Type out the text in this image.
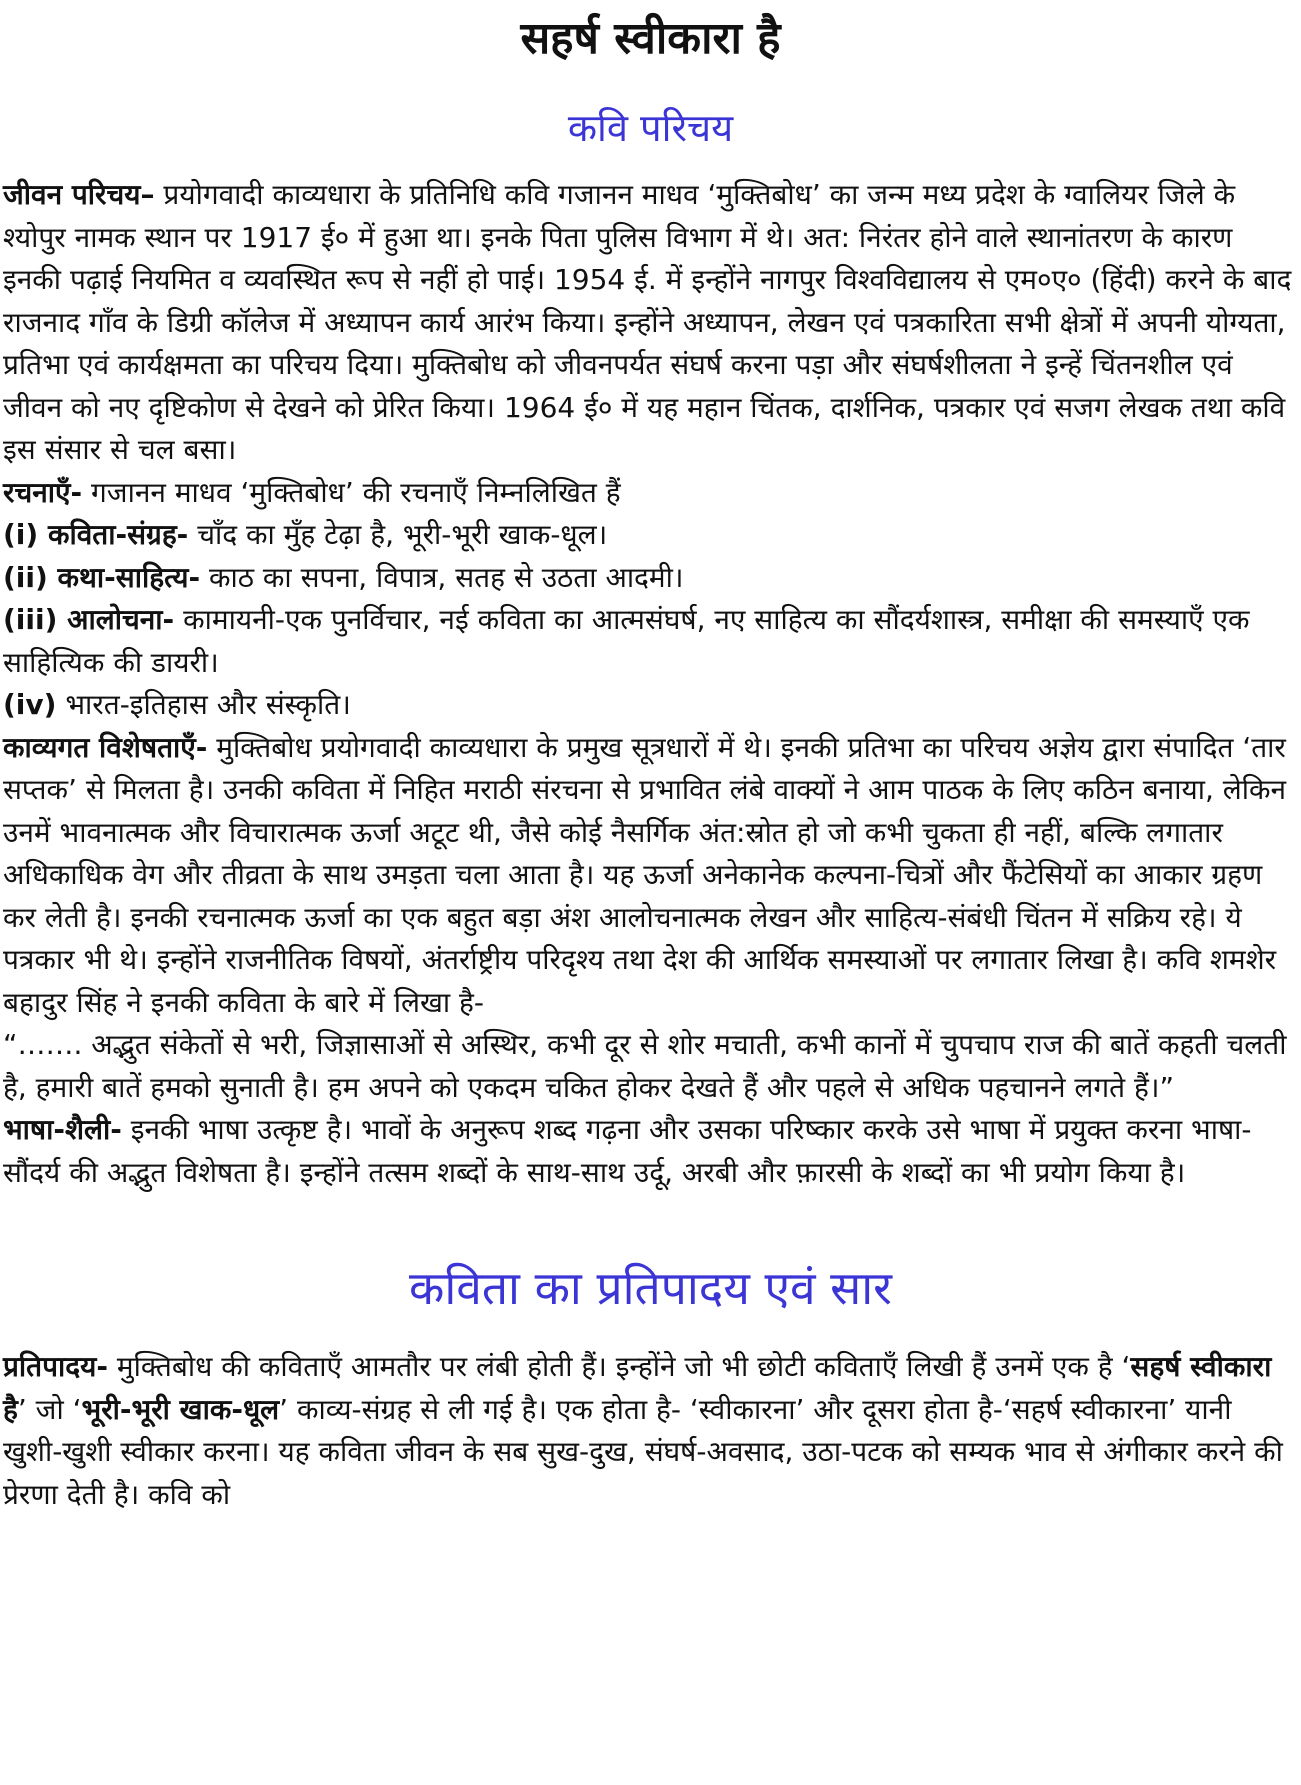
सहर्ष स्वीकारा है
कवि परिचय

जीवन परिचय– प्रयोगवादी काव्यधारा के प्रतिनिधि कवि गजानन माधव ‘मुक्तिबोध’ का जन्म मध्य प्रदेश के ग्वालियर जिले के श्योपुर नामक स्थान पर 1917 ई० में हुआ था। इनके पिता पुलिस विभाग में थे। अत: निरंतर होने वाले स्थानांतरण के कारण इनकी पढ़ाई नियमित व व्यवस्थित रूप से नहीं हो पाई। 1954 ई. में इन्होंने नागपुर विश्वविद्यालय से एम०ए० (हिंदी) करने के बाद राजनाद गाँव के डिग्री कॉलेज में अध्यापन कार्य आरंभ किया। इन्होंने अध्यापन, लेखन एवं पत्रकारिता सभी क्षेत्रों में अपनी योग्यता, प्रतिभा एवं कार्यक्षमता का परिचय दिया। मुक्तिबोध को जीवनपर्यत संघर्ष करना पड़ा और संघर्षशीलता ने इन्हें चिंतनशील एवं जीवन को नए दृष्टिकोण से देखने को प्रेरित किया। 1964 ई० में यह महान चिंतक, दार्शनिक, पत्रकार एवं सजग लेखक तथा कवि इस संसार से चल बसा।

रचनाएँ- गजानन माधव ‘मुक्तिबोध’ की रचनाएँ निम्नलिखित हैं

(i) कविता-संग्रह- चाँद का मुँह टेढ़ा है, भूरी-भूरी खाक-धूल।

(ii) कथा-साहित्य- काठ का सपना, विपात्र, सतह से उठता आदमी।

(iii) आलोचना- कामायनी-एक पुनर्विचार, नई कविता का आत्मसंघर्ष, नए साहित्य का सौंदर्यशास्त्र, समीक्षा की समस्याएँ एक साहित्यिक की डायरी।

(iv) भारत-इतिहास और संस्कृति।

काव्यगत विशेषताएँ- मुक्तिबोध प्रयोगवादी काव्यधारा के प्रमुख सूत्रधारों में थे। इनकी प्रतिभा का परिचय अज्ञेय द्वारा संपादित ‘तार सप्तक’ से मिलता है। उनकी कविता में निहित मराठी संरचना से प्रभावित लंबे वाक्यों ने आम पाठक के लिए कठिन बनाया, लेकिन उनमें भावनात्मक और विचारात्मक ऊर्जा अटूट थी, जैसे कोई नैसर्गिक अंत:स्रोत हो जो कभी चुकता ही नहीं, बल्कि लगातार अधिकाधिक वेग और तीव्रता के साथ उमड़ता चला आता है। यह ऊर्जा अनेकानेक कल्पना-चित्रों और फैंटेसियों का आकार ग्रहण कर लेती है। इनकी रचनात्मक ऊर्जा का एक बहुत बड़ा अंश आलोचनात्मक लेखन और साहित्य-संबंधी चिंतन में सक्रिय रहे। ये पत्रकार भी थे। इन्होंने राजनीतिक विषयों, अंतर्राष्ट्रीय परिदृश्य तथा देश की आर्थिक समस्याओं पर लगातार लिखा है। कवि शमशेर बहादुर सिंह ने इनकी कविता के बारे में लिखा है-

“……. अद्भुत संकेतों से भरी, जिज्ञासाओं से अस्थिर, कभी दूर से शोर मचाती, कभी कानों में चुपचाप राज की बातें कहती चलती है, हमारी बातें हमको सुनाती है। हम अपने को एकदम चकित होकर देखते हैं और पहले से अधिक पहचानने लगते हैं।”

भाषा-शैली- इनकी भाषा उत्कृष्ट है। भावों के अनुरूप शब्द गढ़ना और उसका परिष्कार करके उसे भाषा में प्रयुक्त करना भाषा-सौंदर्य की अद्भुत विशेषता है। इन्होंने तत्सम शब्दों के साथ-साथ उर्दू, अरबी और फ़ारसी के शब्दों का भी प्रयोग किया है।

कविता का प्रतिपादय एवं सार

प्रतिपादय- मुक्तिबोध की कविताएँ आमतौर पर लंबी होती हैं। इन्होंने जो भी छोटी कविताएँ लिखी हैं उनमें एक है ‘सहर्ष स्वीकारा है’ जो ‘भूरी-भूरी खाक-धूल’ काव्य-संग्रह से ली गई है। एक होता है- ‘स्वीकारना’ और दूसरा होता है-‘सहर्ष स्वीकारना’ यानी खुशी-खुशी स्वीकार करना। यह कविता जीवन के सब सुख-दुख, संघर्ष-अवसाद, उठा-पटक को सम्यक भाव से अंगीकार करने की प्रेरणा देती है। कवि को
